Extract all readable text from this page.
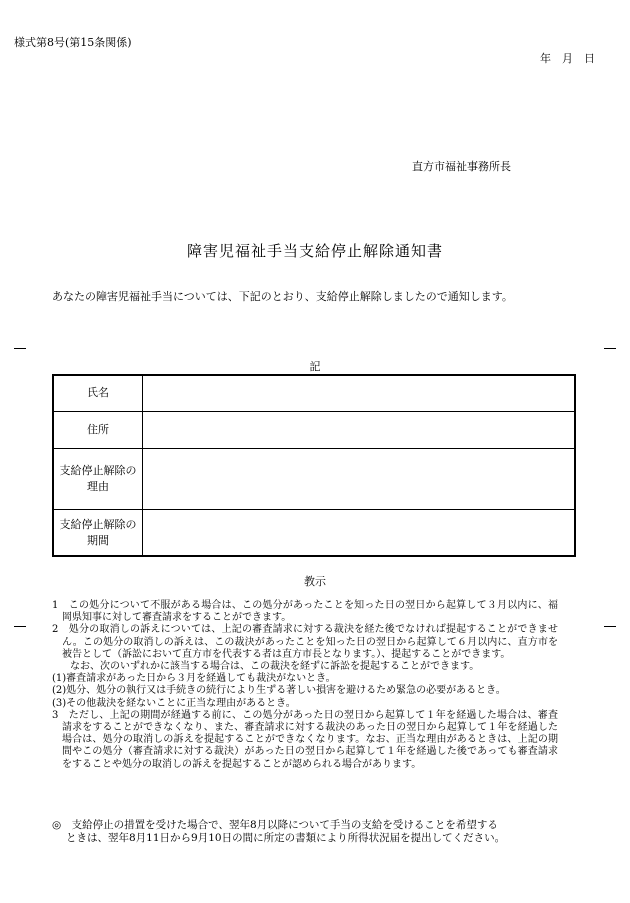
様式第8号(第15条関係)
年　月　日
直方市福祉事務所長
障害児福祉手当支給停止解除通知書
あなたの障害児福祉手当については、下記のとおり、支給停止解除しましたので通知します。
記
氏名	
住所	
支給停止解除の
理由	
支給停止解除の
期間	
教示

1　この処分について不服がある場合は、この処分があったことを知った日の翌日から起算して３月以内に、福岡県知事に対して審査請求をすることができます。

2　処分の取消しの訴えについては、上記の審査請求に対する裁決を経た後でなければ提起することができません。この処分の取消しの訴えは、この裁決があったことを知った日の翌日から起算して６月以内に、直方市を被告として（訴訟において直方市を代表する者は直方市長となります。）、提起することができます。

なお、次のいずれかに該当する場合は、この裁決を経ずに訴訟を提起することができます。

(1)審査請求があった日から３月を経過しても裁決がないとき。

(2)処分、処分の執行又は手続きの続行により生ずる著しい損害を避けるため緊急の必要があるとき。

(3)その他裁決を経ないことに正当な理由があるとき。

3　ただし、上記の期間が経過する前に、この処分があった日の翌日から起算して１年を経過した場合は、審査請求をすることができなくなり、また、審査請求に対する裁決のあった日の翌日から起算して１年を経過した場合は、処分の取消しの訴えを提起することができなくなります。なお、正当な理由があるときは、上記の期間やこの処分（審査請求に対する裁決）があった日の翌日から起算して１年を経過した後であっても審査請求をすることや処分の取消しの訴えを提起することが認められる場合があります。

◎　支給停止の措置を受けた場合で、翌年8月以降について手当の支給を受けることを希望する

ときは、翌年8月11日から9月10日の間に所定の書類により所得状況届を提出してください。
